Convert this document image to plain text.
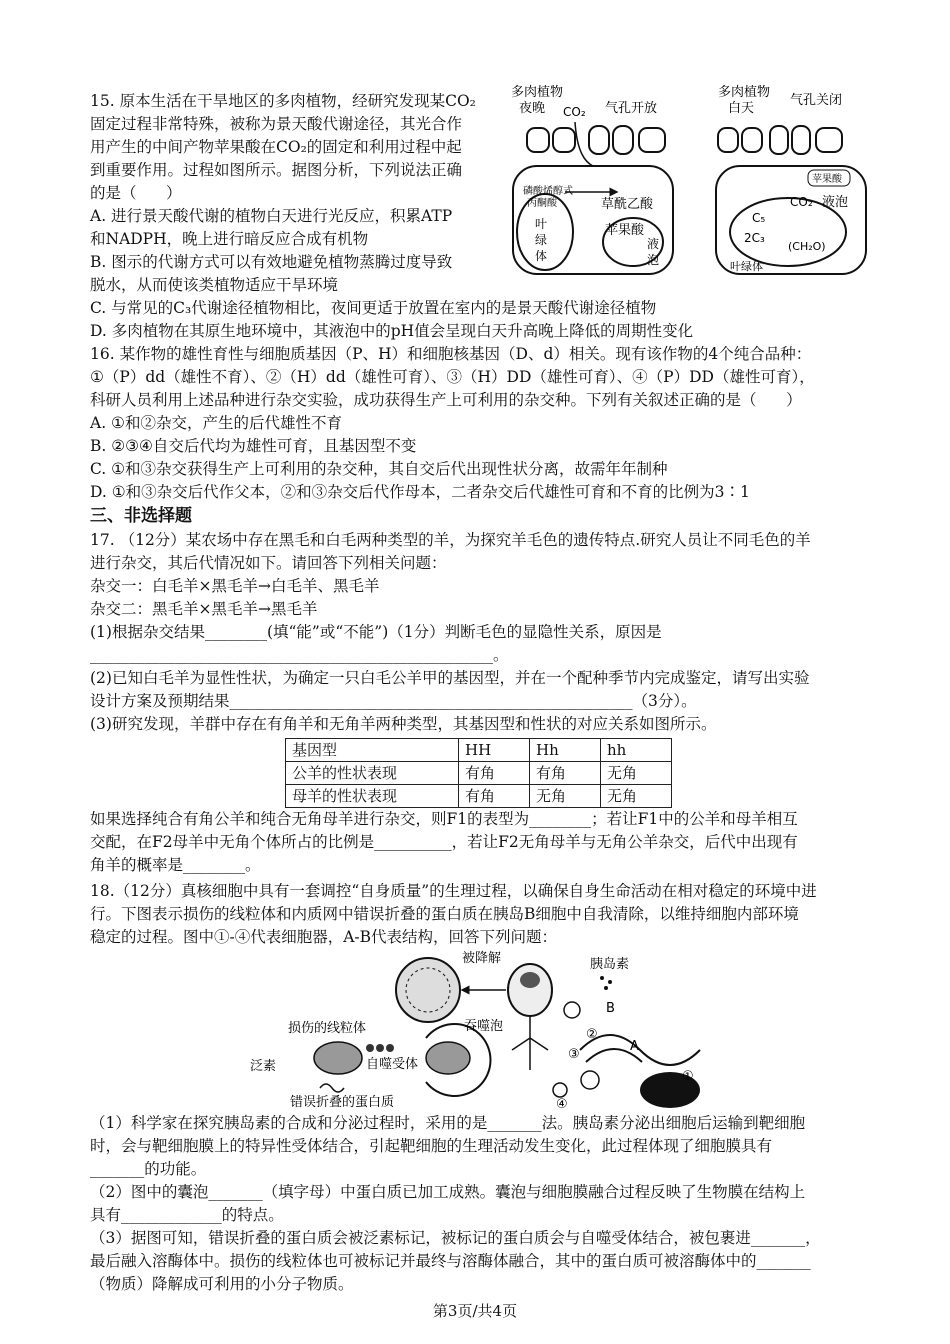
15. 原本生活在干旱地区的多肉植物，经研究发现某CO₂

固定过程非常特殊，被称为景天酸代谢途径，其光合作

用产生的中间产物苹果酸在CO₂的固定和利用过程中起

到重要作用。过程如图所示。据图分析，下列说法正确

的是（      ）

A. 进行景天酸代谢的植物白天进行光反应，积累ATP

和NADPH，晚上进行暗反应合成有机物

B. 图示的代谢方式可以有效地避免植物蒸腾过度导致

脱水，从而使该类植物适应干旱环境

C. 与常见的C₃代谢途径植物相比，夜间更适于放置在室内的是景天酸代谢途径植物

D. 多肉植物在其原生地环境中，其液泡中的pH值会呈现白天升高晚上降低的周期性变化

多肉植物
夜晚 CO₂ 气孔开放
磷酸烯醇式
丙酮酸	草酰乙酸
苹果酸
叶
绿
体
液
泡
多肉植物
白天
气孔关闭
苹果酸
CO₂ 液泡
C₅
2C₃
(CH₂O)
叶绿体

16. 某作物的雄性育性与细胞质基因（P、H）和细胞核基因（D、d）相关。现有该作物的4个纯合品种：

①（P）dd（雄性不育）、②（H）dd（雄性可育）、③（H）DD（雄性可育）、④（P）DD（雄性可育），

科研人员利用上述品种进行杂交实验，成功获得生产上可利用的杂交种。下列有关叙述正确的是（      ）

A. ①和②杂交，产生的后代雄性不育

B. ②③④自交后代均为雄性可育，且基因型不变

C. ①和③杂交获得生产上可利用的杂交种，其自交后代出现性状分离，故需年年制种

D. ①和③杂交后代作父本，②和③杂交后代作母本，二者杂交后代雄性可育和不育的比例为3∶1

三、非选择题

17. （12分）某农场中存在黑毛和白毛两种类型的羊，为探究羊毛色的遗传特点.研究人员让不同毛色的羊

进行杂交，其后代情况如下。请回答下列相关问题：

杂交一：白毛羊×黑毛羊→白毛羊、黑毛羊

杂交二：黑毛羊×黑毛羊→黑毛羊

(1)根据杂交结果________(填“能”或“不能”)（1分）判断毛色的显隐性关系，原因是

____________________________________________________。

(2)已知白毛羊为显性性状，为确定一只白毛公羊甲的基因型，并在一个配种季节内完成鉴定，请写出实验

设计方案及预期结果____________________________________________________（3分）。

(3)研究发现，羊群中存在有角羊和无角羊两种类型，其基因型和性状的对应关系如图所示。

基因型	HH	Hh	hh
公羊的性状表现	有角	有角	无角
母羊的性状表现	有角	无角	无角

如果选择纯合有角公羊和纯合无角母羊进行杂交，则F1的表型为________；若让F1中的公羊和母羊相互

交配，在F2母羊中无角个体所占的比例是__________，若让F2无角母羊与无角公羊杂交，后代中出现有

角羊的概率是________。

18.（12分）真核细胞中具有一套调控“自身质量”的生理过程，以确保自身生命活动在相对稳定的环境中进

行。下图表示损伤的线粒体和内质网中错误折叠的蛋白质在胰岛B细胞中自我清除，以维持细胞内部环境

稳定的过程。图中①-④代表细胞器，A-B代表结构，回答下列问题：

被降解	胰岛素
损伤的线粒体	吞噬泡
泛素	自噬受体
错误折叠的蛋白质
B
A
②
③
①
④

（1）科学家在探究胰岛素的合成和分泌过程时，采用的是_______法。胰岛素分泌出细胞后运输到靶细胞

时，会与靶细胞膜上的特异性受体结合，引起靶细胞的生理活动发生变化，此过程体现了细胞膜具有

_______的功能。

（2）图中的囊泡_______（填字母）中蛋白质已加工成熟。囊泡与细胞膜融合过程反映了生物膜在结构上

具有_____________的特点。

（3）据图可知，错误折叠的蛋白质会被泛素标记，被标记的蛋白质会与自噬受体结合，被包裹进_______，

最后融入溶酶体中。损伤的线粒体也可被标记并最终与溶酶体融合，其中的蛋白质可被溶酶体中的_______

（物质）降解成可利用的小分子物质。

第3页/共4页
